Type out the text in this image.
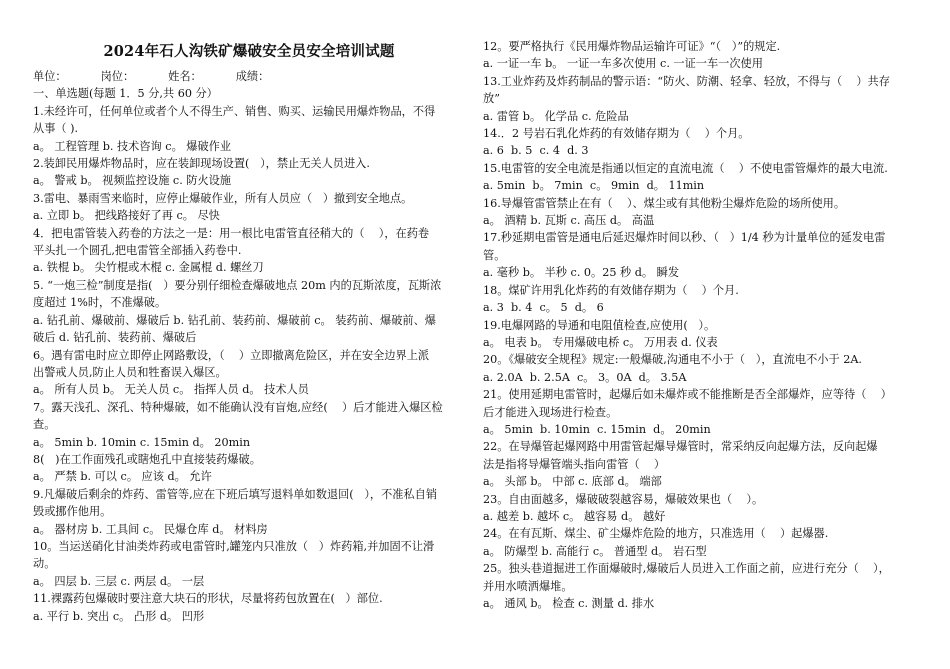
2024年石人沟铁矿爆破安全员安全培训试题
单位：	岗位：	姓名：	成绩：
一、单选题(每题 1．5 分,共 60 分）
1.未经许可，任何单位或者个人不得生产、销售、购买、运输民用爆炸物品，不得
从事（ ).
a。 工程管理 b. 技术咨询 c。 爆破作业
2.装卸民用爆炸物品时，应在装卸现场设置(   ），禁止无关人员进入.
a。 警戒 b。 视频监控设施 c. 防火设施
3.雷电、暴雨雪来临时，应停止爆破作业，所有人员应（   ）撤到安全地点。
a. 立即 b。 把线路接好了再 c。 尽快
4．把电雷管装入药卷的方法之一是：用一根比电雷管直径稍大的（    ），在药卷
平头扎一个圆孔,把电雷管全部插入药卷中.
a. 铁棍 b。 尖竹棍或木棍 c. 金属棍 d. 螺丝刀
5. “一炮三检”制度是指(   ）要分别仔细检查爆破地点 20m 内的瓦斯浓度，瓦斯浓
度超过 1%时，不准爆破。
a. 钻孔前、爆破前、爆破后 b. 钻孔前、装药前、爆破前 c。 装药前、爆破前、爆
破后 d. 钻孔前、装药前、爆破后
6。遇有雷电时应立即停止网路敷设，（    ）立即撤离危险区，并在安全边界上派
出警戒人员,防止人员和牲畜误入爆区。
a。 所有人员 b。 无关人员 c。 指挥人员 d。 技术人员
7。露天浅孔、深孔、特种爆破，如不能确认没有盲炮,应经(    ）后才能进入爆区检
查。
a。 5min b. 10min c. 15min d。 20min
8(   )在工作面残孔或瞎炮孔中直接装药爆破。
a。 严禁 b. 可以 c。 应该 d。 允许
9.凡爆破后剩余的炸药、雷管等,应在下班后填写退料单如数退回(   ），不准私自销
毁或挪作他用。
a。 器材房 b. 工具间 c。 民爆仓库 d。 材料房
10。当运送硝化甘油类炸药或电雷管时,罐笼内只准放（   ）炸药箱,并加固不让滑
动。
a。 四层 b. 三层 c. 两层 d。 一层
11.裸露药包爆破时要注意大块石的形状，尽量将药包放置在(   ）部位.
a. 平行 b. 突出 c。 凸形 d。 凹形
12。要严格执行《民用爆炸物品运输许可证》“（   ）”的规定.
a. 一证一车 b。 一证一车多次使用 c. 一证一车一次使用
13.工业炸药及炸药制品的警示语：“防火、防潮、轻拿、轻放，不得与（    ）共存
放”
a. 雷管 b。 化学品 c. 危险品
14.．2 号岩石乳化炸药的有效储存期为（    ）个月。
a. 6  b. 5  c. 4  d. 3
15.电雷管的安全电流是指通以恒定的直流电流（    ）不使电雷管爆炸的最大电流.
a. 5min  b。 7min  c。 9min  d。 11min
16.导爆管雷管禁止在有（    ）、煤尘或有其他粉尘爆炸危险的场所使用。
a。 酒精 b. 瓦斯 c. 高压 d。 高温
17.秒延期电雷管是通电后延迟爆炸时间以秒、（   ）1/4 秒为计量单位的延发电雷
管。
a. 毫秒 b。 半秒 c. 0。25 秒 d。 瞬发
18。煤矿许用乳化炸药的有效储存期为（    ）个月.
a. 3  b. 4  c。 5  d。 6
19.电爆网路的导通和电阻值检查,应使用(   ）。
a。 电表 b。 专用爆破电桥 c。 万用表 d. 仪表
20。《爆破安全规程》规定:一般爆破,沟通电不小于（   ），直流电不小于 2A.
a. 2.0A  b. 2.5A  c。 3。0A  d。 3.5A
21。使用延期电雷管时，起爆后如未爆炸或不能推断是否全部爆炸，应等待（    ）
后才能进入现场进行检查。
a。 5min  b. 10min  c. 15min  d。 20min
22。在导爆管起爆网路中用雷管起爆导爆管时，常采纳反向起爆方法，反向起爆
法是指将导爆管端头指向雷管（    ）
a。 头部 b。 中部 c. 底部 d。 端部
23。自由面越多，爆破破裂越容易，爆破效果也（    ）。
a. 越差 b. 越坏 c。 越容易 d。 越好
24。在有瓦斯、煤尘、矿尘爆炸危险的地方，只准选用（    ）起爆器.
a。 防爆型 b. 高能行 c。 普通型 d。 岩石型
25。独头巷道掘进工作面爆破时,爆破后人员进入工作面之前，应进行充分（    ），
并用水喷洒爆堆。
a。 通风 b。 检查 c. 测量 d. 排水
